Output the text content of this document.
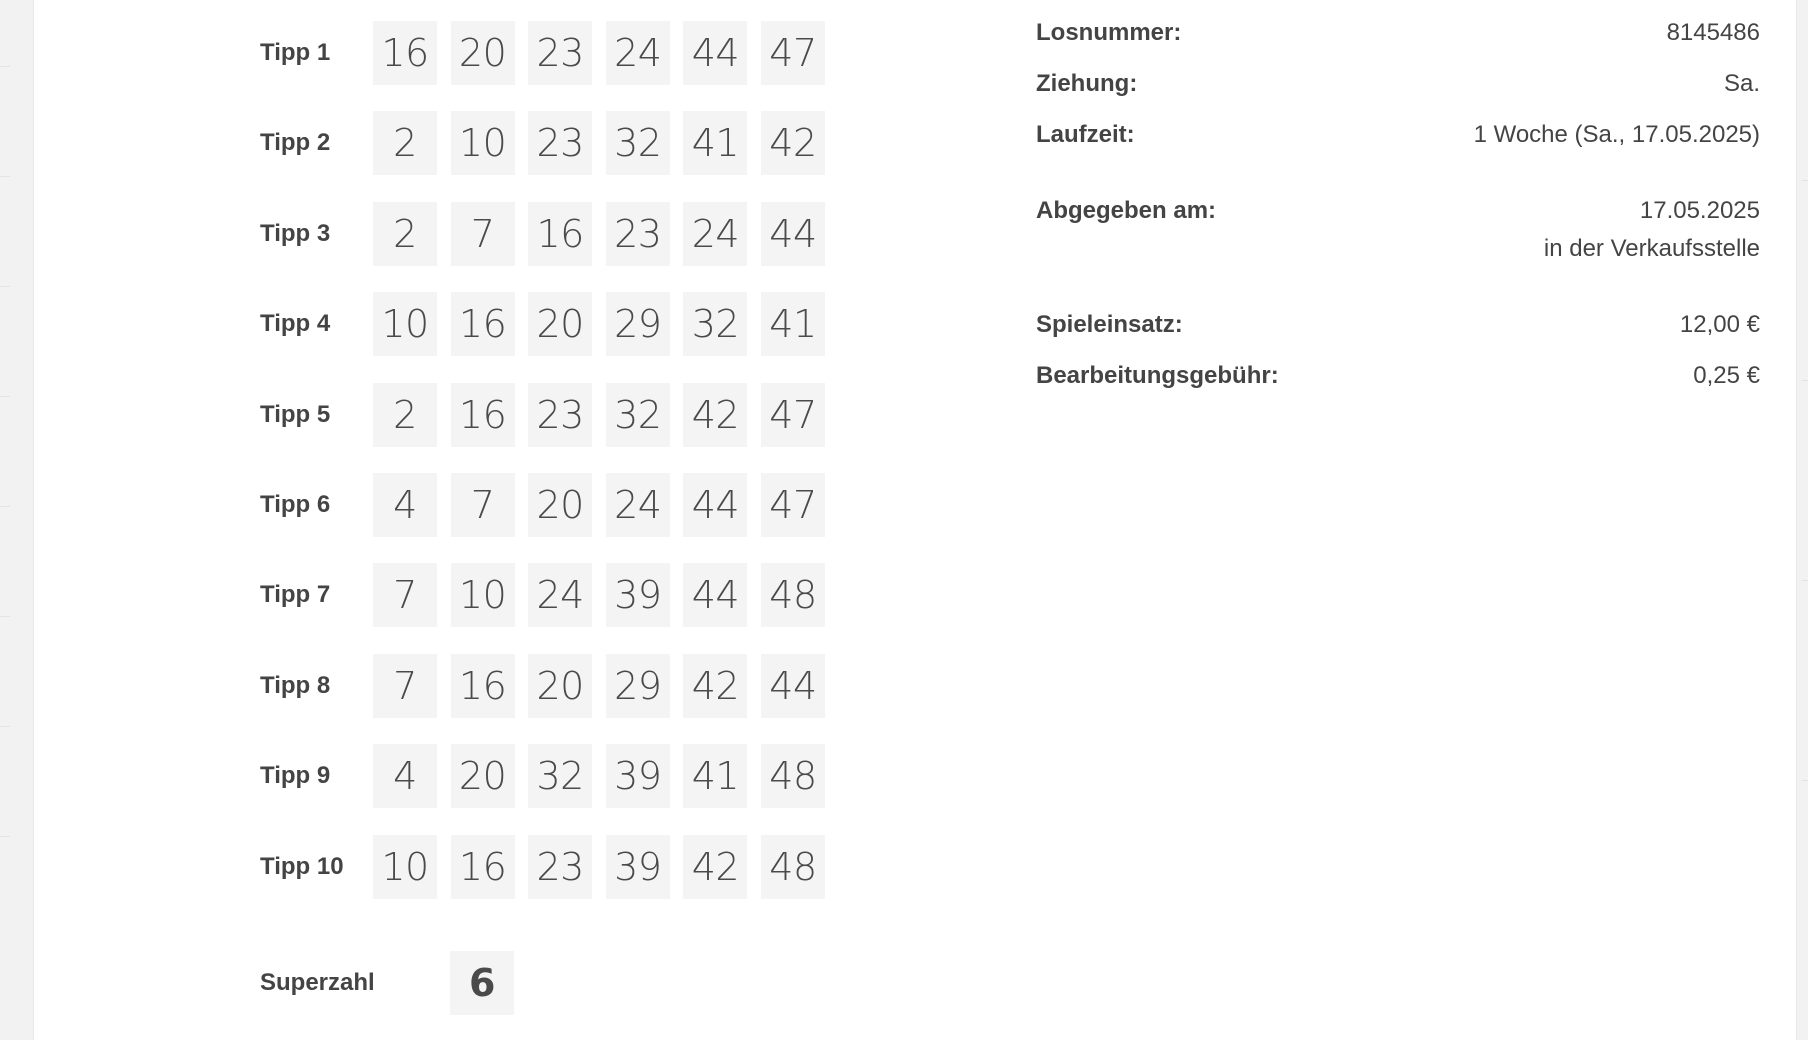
Tipp 1	16 20 23 24 44 47
Tipp 2	2	10 23 32 41 42
Tipp 3	2	7	16 23 24 44
Tipp 4	10 16 20 29 32 41
Tipp 5	2	16 23 32 42 47
Tipp 6	4	7	20 24 44 47
Tipp 7	7	10 24 39 44 48
Tipp 8	7	16 20 29 42 44
Tipp 9	4	20 32 39 41 48
Tipp 10 10 16 23 39 42 48
Superzahl	6
Losnummer:	8145486
Ziehung:	Sa.
Laufzeit:	1 Woche (Sa., 17.05.2025)
Abgegeben am:	17.05.2025
in der Verkaufsstelle
Spieleinsatz:	12,00 €
Bearbeitungsgebühr:	0,25 €
